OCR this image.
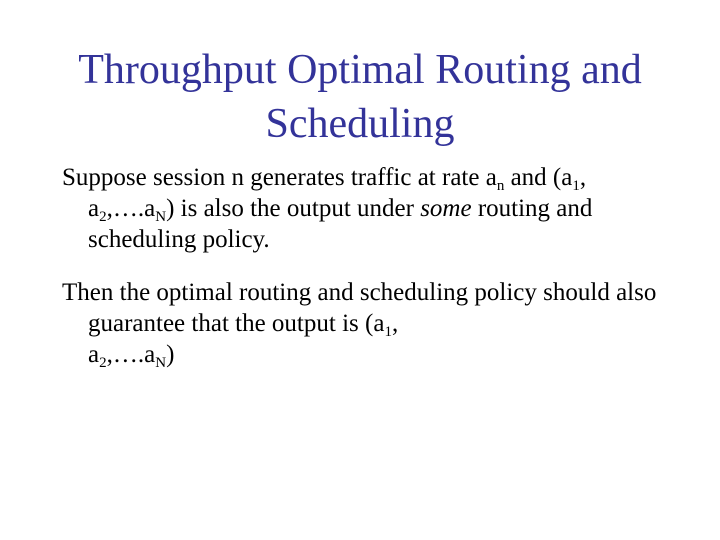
Throughput Optimal Routing and
Scheduling
Suppose session n generates traffic at rate $a_n$ and ($a_1$,
$a_2,\dots.a_N$) is also the output under some routing and scheduling policy.
Then the optimal routing and scheduling policy should also guarantee that the output is ($a_1$,
$a_2,\dots.a_N$)
